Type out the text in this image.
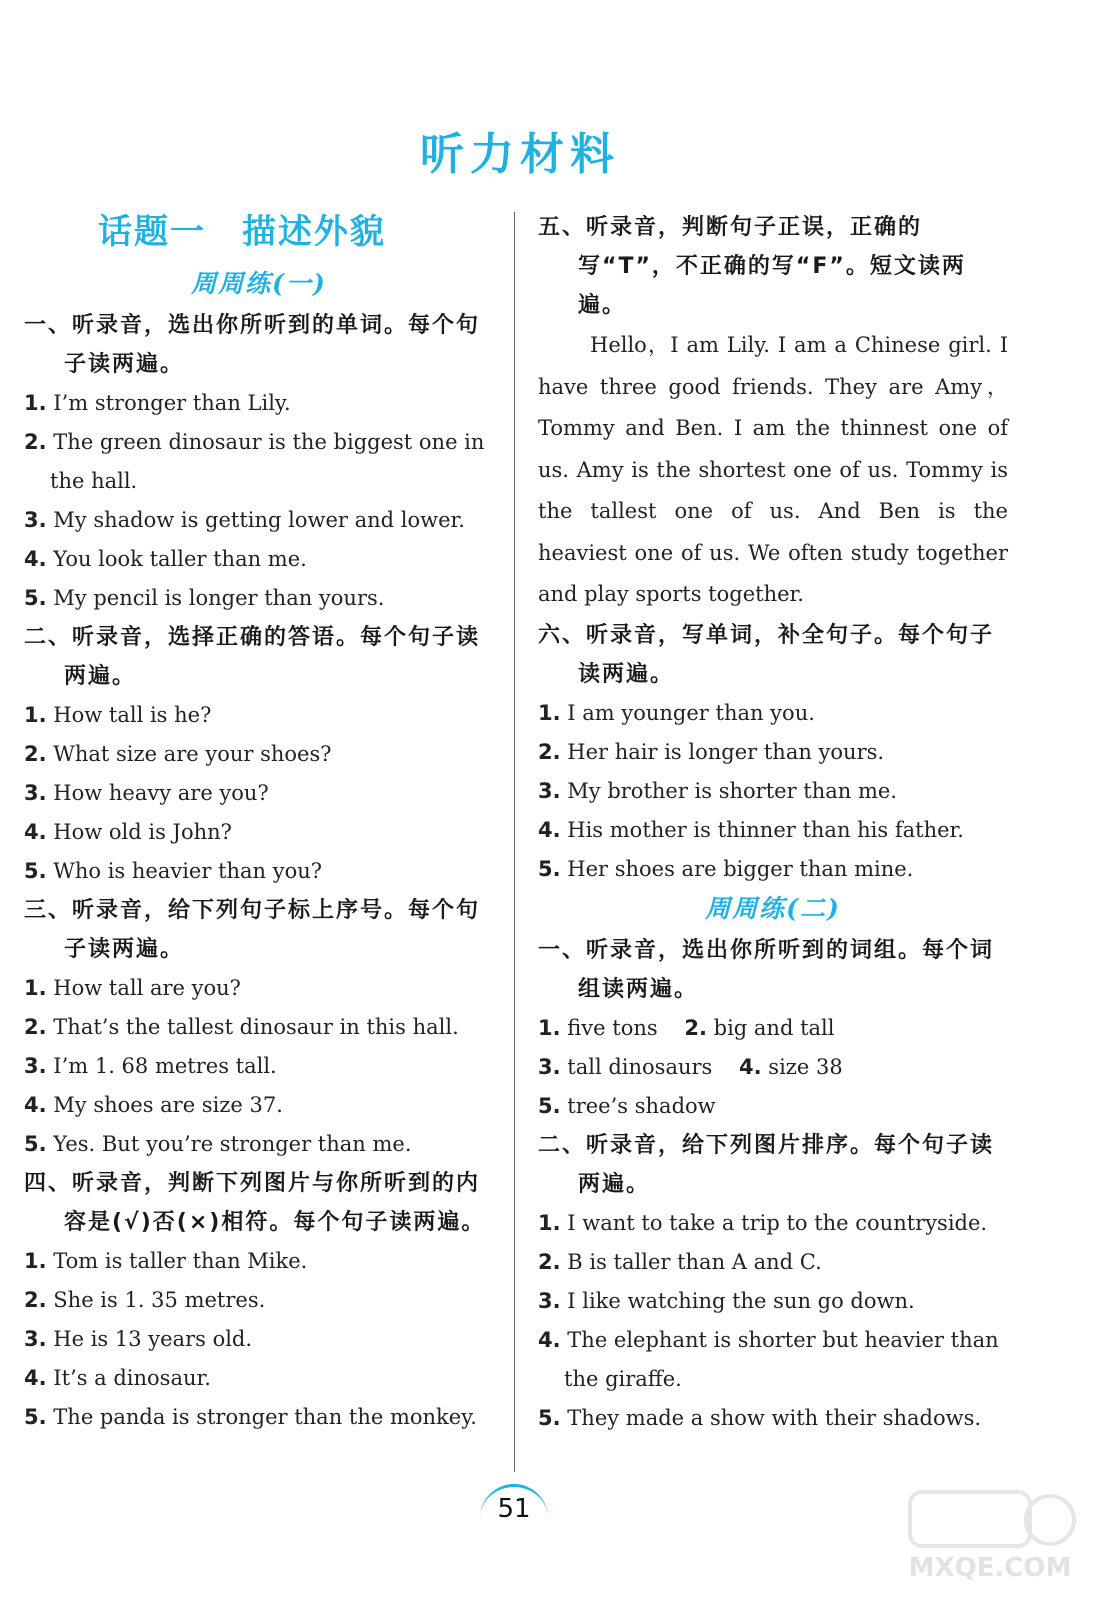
听力材料
话题一　描述外貌
周周练(一)
一、听录音，选出你所听到的单词。每个句子读两遍。
1. I’m stronger than Lily.
2. The green dinosaur is the biggest one in the hall.
3. My shadow is getting lower and lower.
4. You look taller than me.
5. My pencil is longer than yours.
二、听录音，选择正确的答语。每个句子读两遍。
1. How tall is he?
2. What size are your shoes?
3. How heavy are you?
4. How old is John?
5. Who is heavier than you?
三、听录音，给下列句子标上序号。每个句子读两遍。
1. How tall are you?
2. That’s the tallest dinosaur in this hall.
3. I’m 1. 68 metres tall.
4. My shoes are size 37.
5. Yes. But you’re stronger than me.
四、听录音，判断下列图片与你所听到的内容是(√)否(×)相符。每个句子读两遍。
1. Tom is taller than Mike.
2. She is 1. 35 metres.
3. He is 13 years old.
4. It’s a dinosaur.
5. The panda is stronger than the monkey.
五、听录音，判断句子正误，正确的写“T”，不正确的写“F”。短文读两遍。
Hello，I am Lily. I am a Chinese girl. I have three good friends. They are Amy，Tommy and Ben. I am the thinnest one of us. Amy is the shortest one of us. Tommy is the tallest one of us. And Ben is the heaviest one of us. We often study together and play sports together.
六、听录音，写单词，补全句子。每个句子读两遍。
1. I am younger than you.
2. Her hair is longer than yours.
3. My brother is shorter than me.
4. His mother is thinner than his father.
5. Her shoes are bigger than mine.
周周练(二)
一、听录音，选出你所听到的词组。每个词组读两遍。
1. five tons 2. big and tall
3. tall dinosaurs 4. size 38
5. tree’s shadow
二、听录音，给下列图片排序。每个句子读两遍。
1. I want to take a trip to the countryside.
2. B is taller than A and C.
3. I like watching the sun go down.
4. The elephant is shorter but heavier than the giraffe.
5. They made a show with their shadows.
51
MXQE.COM
